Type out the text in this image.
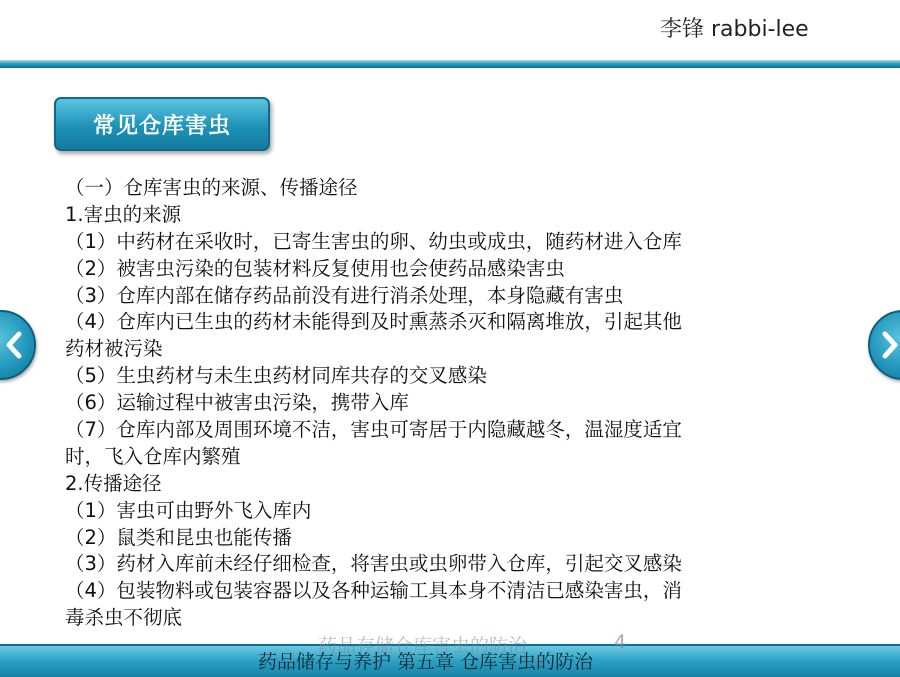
李锋 rabbi-lee
常见仓库害虫
（一）仓库害虫的来源、传播途径
1.害虫的来源
（1）中药材在采收时，已寄生害虫的卵、幼虫或成虫，随药材进入仓库
（2）被害虫污染的包装材料反复使用也会使药品感染害虫
（3）仓库内部在储存药品前没有进行消杀处理，本身隐藏有害虫
（4）仓库内已生虫的药材未能得到及时熏蒸杀灭和隔离堆放，引起其他
药材被污染
（5）生虫药材与未生虫药材同库共存的交叉感染
（6）运输过程中被害虫污染，携带入库
（7）仓库内部及周围环境不洁，害虫可寄居于内隐藏越冬，温湿度适宜
时，飞入仓库内繁殖
2.传播途径
（1）害虫可由野外飞入库内
（2）鼠类和昆虫也能传播
（3）药材入库前未经仔细检查，将害虫或虫卵带入仓库，引起交叉感染
（4）包装物料或包装容器以及各种运输工具本身不清洁已感染害虫，消
毒杀虫不彻底
药品存储仓库害虫的防治	4
药品储存与养护 第五章 仓库害虫的防治
